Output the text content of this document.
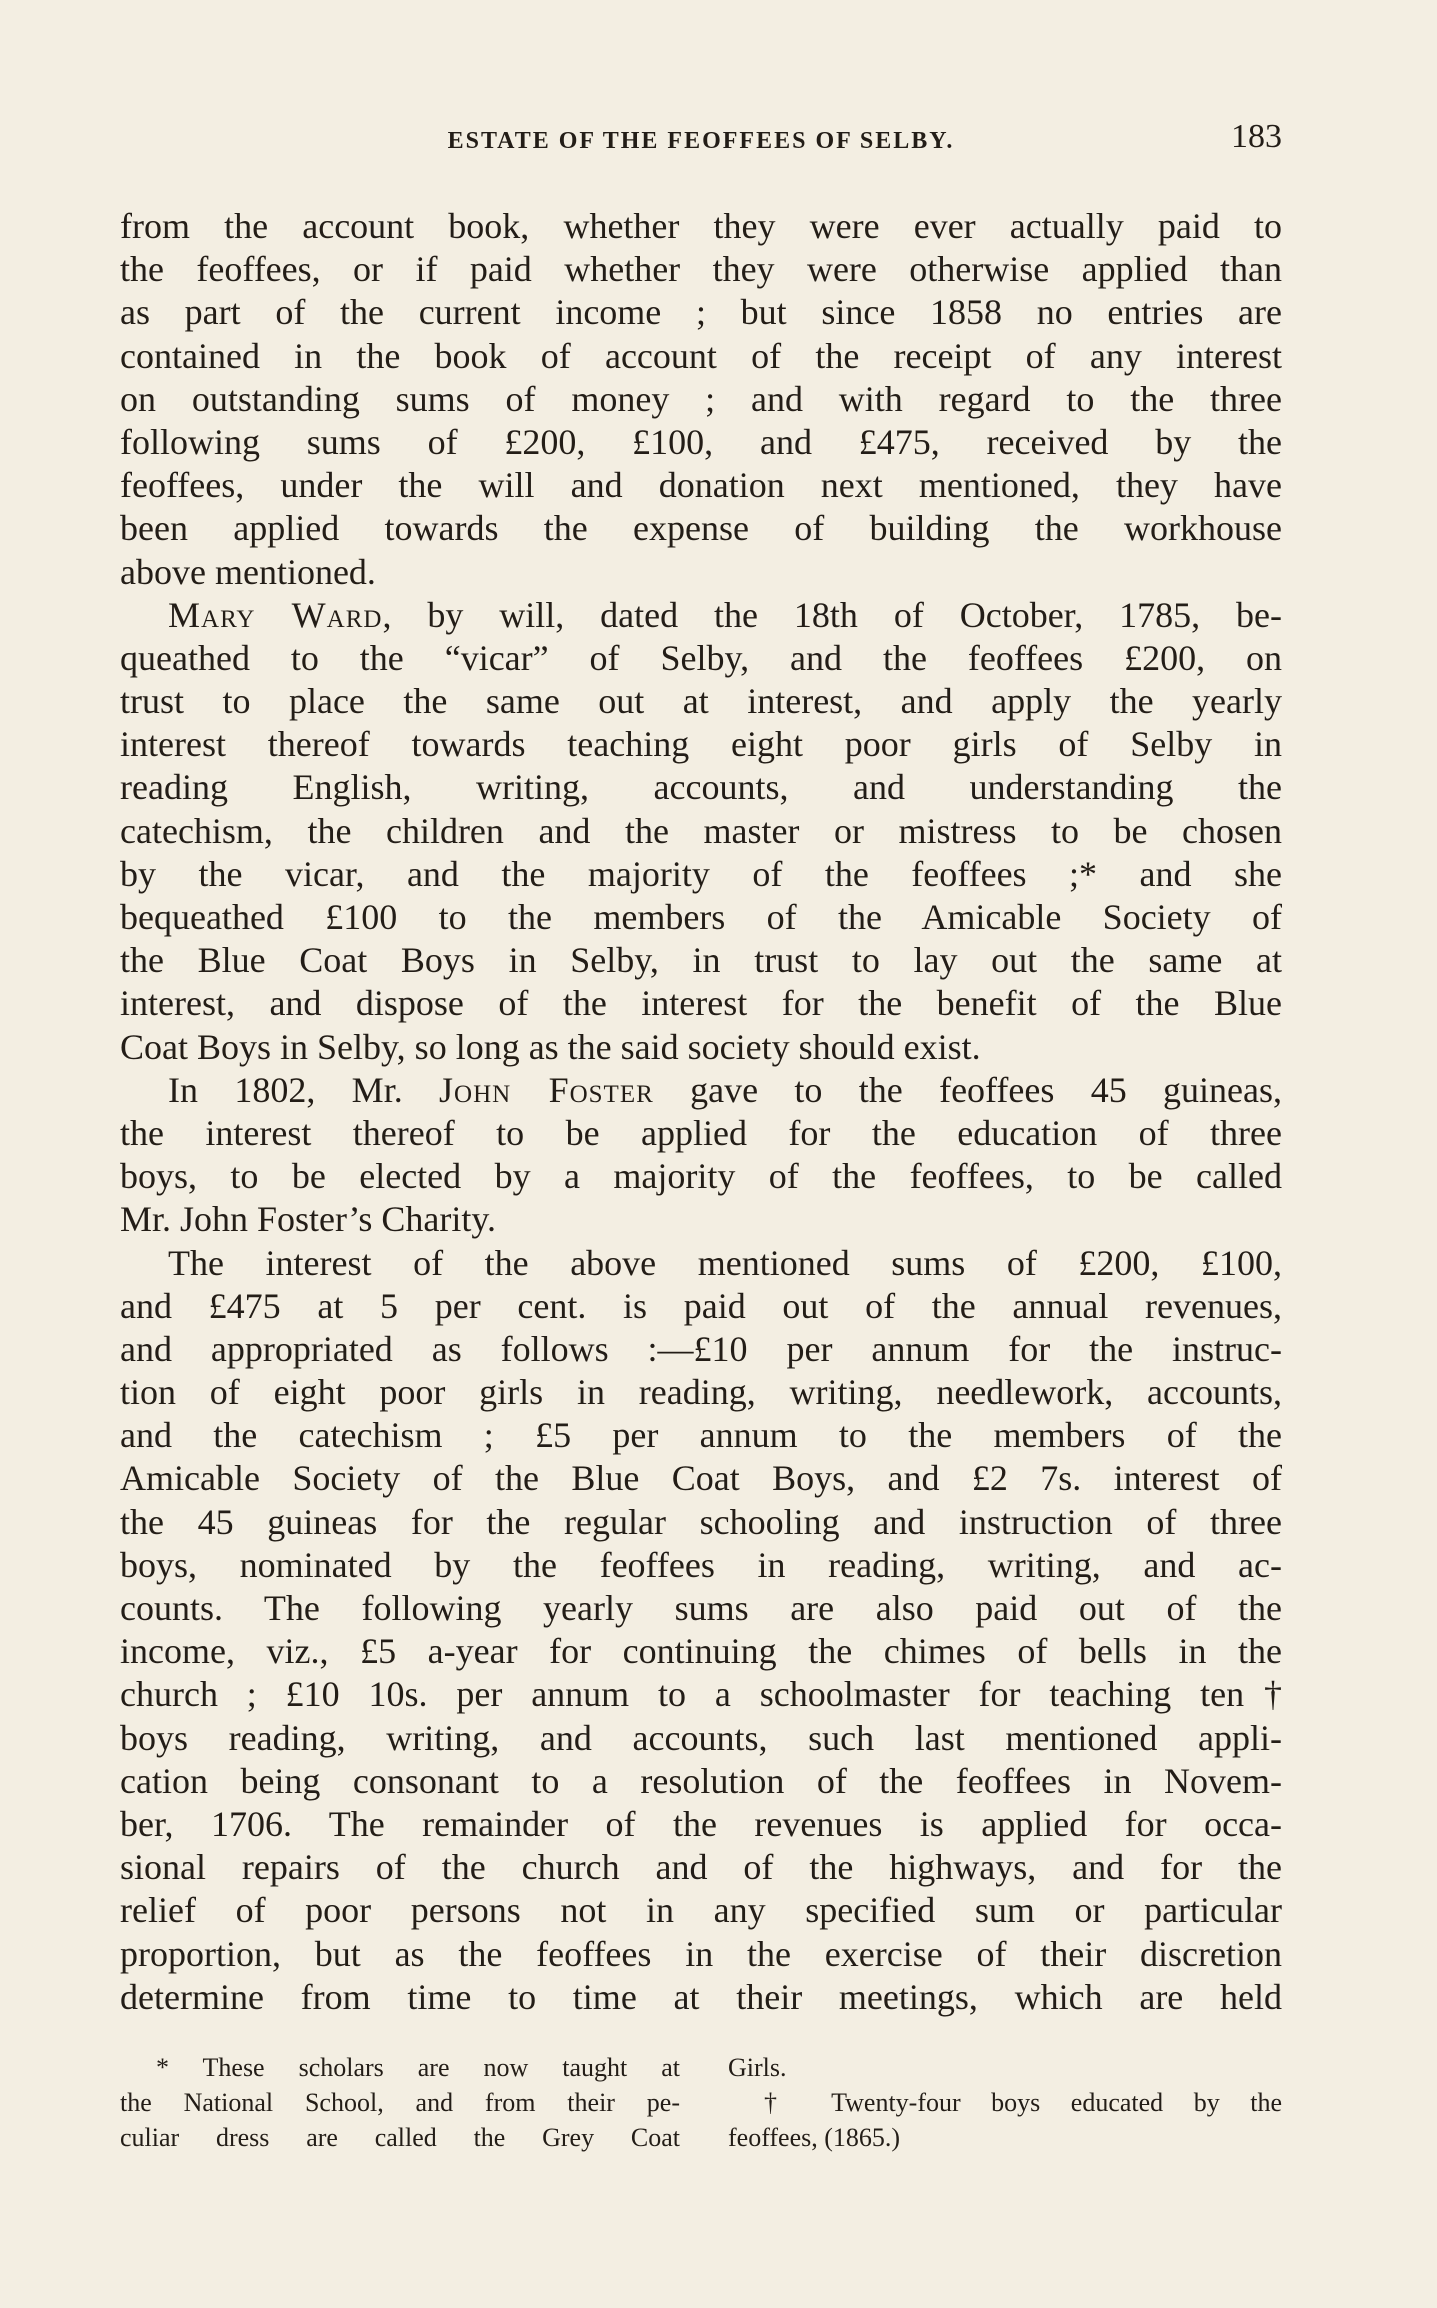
ESTATE OF THE FEOFFEES OF SELBY.	183
from the account book, whether they were ever actually paid to
the feoffees, or if paid whether they were otherwise applied than
as part of the current income ; but since 1858 no entries are
contained in the book of account of the receipt of any interest
on outstanding sums of money ; and with regard to the three
following sums of £200, £100, and £475, received by the
feoffees, under the will and donation next mentioned, they have
been applied towards the expense of building the workhouse
above mentioned.
Mary Ward, by will, dated the 18th of October, 1785, be-
queathed to the “vicar” of Selby, and the feoffees £200, on
trust to place the same out at interest, and apply the yearly
interest thereof towards teaching eight poor girls of Selby in
reading English, writing, accounts, and understanding the
catechism, the children and the master or mistress to be chosen
by the vicar, and the majority of the feoffees ;* and she
bequeathed £100 to the members of the Amicable Society of
the Blue Coat Boys in Selby, in trust to lay out the same at
interest, and dispose of the interest for the benefit of the Blue
Coat Boys in Selby, so long as the said society should exist.
In 1802, Mr. John Foster gave to the feoffees 45 guineas,
the interest thereof to be applied for the education of three
boys, to be elected by a majority of the feoffees, to be called
Mr. John Foster’s Charity.
The interest of the above mentioned sums of £200, £100,
and £475 at 5 per cent. is paid out of the annual revenues,
and appropriated as follows :—£10 per annum for the instruc-
tion of eight poor girls in reading, writing, needlework, accounts,
and the catechism ; £5 per annum to the members of the
Amicable Society of the Blue Coat Boys, and £2 7s. interest of
the 45 guineas for the regular schooling and instruction of three
boys, nominated by the feoffees in reading, writing, and ac-
counts. The following yearly sums are also paid out of the
income, viz., £5 a-year for continuing the chimes of bells in the
church ; £10 10s. per annum to a schoolmaster for teaching ten†
boys reading, writing, and accounts, such last mentioned appli-
cation being consonant to a resolution of the feoffees in Novem-
ber, 1706. The remainder of the revenues is applied for occa-
sional repairs of the church and of the highways, and for the
relief of poor persons not in any specified sum or particular
proportion, but as the feoffees in the exercise of their discretion
determine from time to time at their meetings, which are held
* These scholars are now taught at
the National School, and from their pe-
culiar dress are called the Grey Coat
Girls.
† Twenty-four boys educated by the
feoffees, (1865.)
